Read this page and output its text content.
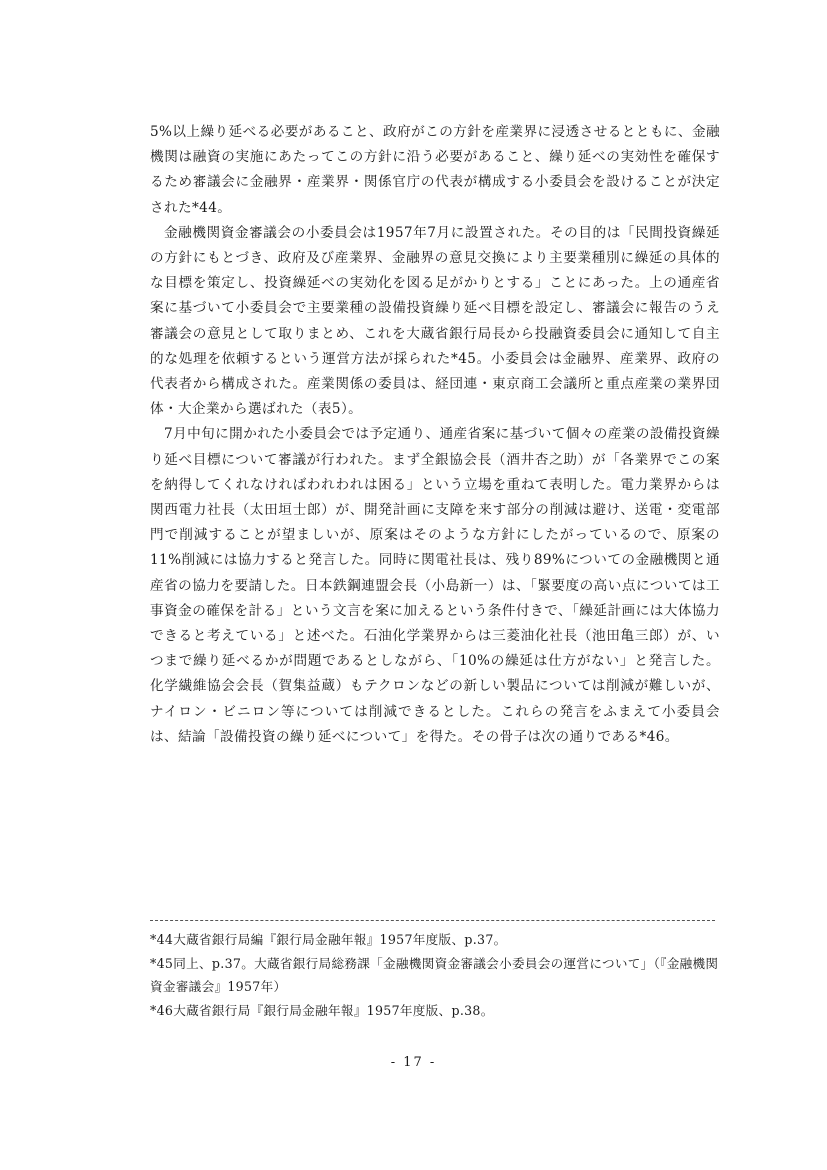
5%以上繰り延べる必要があること、政府がこの方針を産業界に浸透させるとともに、金融機関は融資の実施にあたってこの方針に沿う必要があること、繰り延べの実効性を確保するため審議会に金融界・産業界・関係官庁の代表が構成する小委員会を設けることが決定された*44。

金融機関資金審議会の小委員会は1957年7月に設置された。その目的は「民間投資繰延の方針にもとづき、政府及び産業界、金融界の意見交換により主要業種別に繰延の具体的な目標を策定し、投資繰延べの実効化を図る足がかりとする」ことにあった。上の通産省案に基づいて小委員会で主要業種の設備投資繰り延べ目標を設定し、審議会に報告のうえ審議会の意見として取りまとめ、これを大蔵省銀行局長から投融資委員会に通知して自主的な処理を依頼するという運営方法が採られた*45。小委員会は金融界、産業界、政府の代表者から構成された。産業関係の委員は、経団連・東京商工会議所と重点産業の業界団体・大企業から選ばれた（表5）。

7月中旬に開かれた小委員会では予定通り、通産省案に基づいて個々の産業の設備投資繰り延べ目標について審議が行われた。まず全銀協会長（酒井杏之助）が「各業界でこの案を納得してくれなければわれわれは困る」という立場を重ねて表明した。電力業界からは関西電力社長（太田垣士郎）が、開発計画に支障を来す部分の削減は避け、送電・変電部門で削減することが望ましいが、原案はそのような方針にしたがっているので、原案の11%削減には協力すると発言した。同時に関電社長は、残り89%についての金融機関と通産省の協力を要請した。日本鉄鋼連盟会長（小島新一）は、「緊要度の高い点については工事資金の確保を計る」という文言を案に加えるという条件付きで、「繰延計画には大体協力できると考えている」と述べた。石油化学業界からは三菱油化社長（池田亀三郎）が、いつまで繰り延べるかが問題であるとしながら、「10%の繰延は仕方がない」と発言した。化学繊維協会会長（賀集益蔵）もテクロンなどの新しい製品については削減が難しいが、ナイロン・ビニロン等については削減できるとした。これらの発言をふまえて小委員会は、結論「設備投資の繰り延べについて」を得た。その骨子は次の通りである*46。

*44大蔵省銀行局編『銀行局金融年報』1957年度版、p.37。

*45同上、p.37。大蔵省銀行局総務課「金融機関資金審議会小委員会の運営について」（『金融機関資金審議会』1957年）

*46大蔵省銀行局『銀行局金融年報』1957年度版、p.38。

- 17 -
